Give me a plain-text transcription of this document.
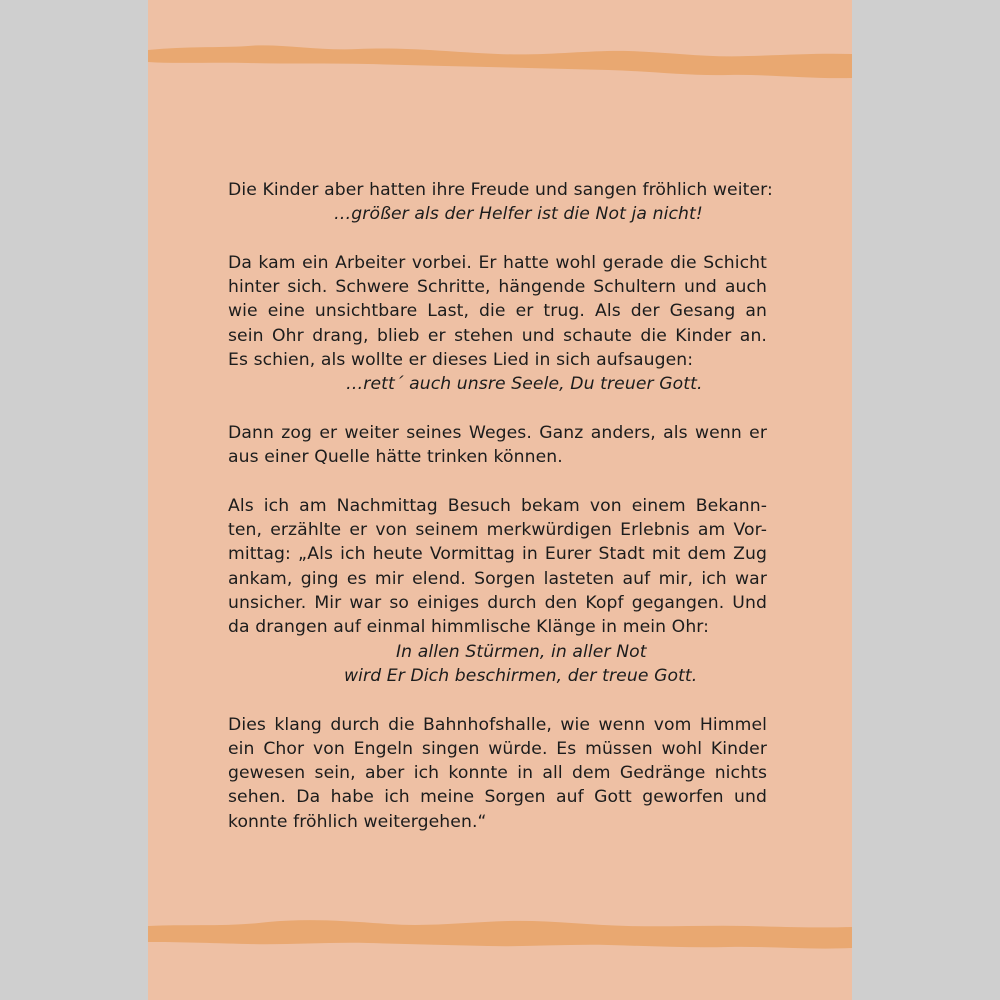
Die Kinder aber hatten ihre Freude und sangen fröhlich weiter:
…größer als der Helfer ist die Not ja nicht!
Da kam ein Arbeiter vorbei. Er hatte wohl gerade die Schicht
hinter sich. Schwere Schritte, hängende Schultern und auch
wie eine unsichtbare Last, die er trug. Als der Gesang an
sein Ohr drang, blieb er stehen und schaute die Kinder an.
Es schien, als wollte er dieses Lied in sich aufsaugen:
…rett´ auch unsre Seele, Du treuer Gott.
Dann zog er weiter seines Weges. Ganz anders, als wenn er
aus einer Quelle hätte trinken können.
Als ich am Nachmittag Besuch bekam von einem Bekann-
ten, erzählte er von seinem merkwürdigen Erlebnis am Vor-
mittag: „Als ich heute Vormittag in Eurer Stadt mit dem Zug
ankam, ging es mir elend. Sorgen lasteten auf mir, ich war
unsicher. Mir war so einiges durch den Kopf gegangen. Und
da drangen auf einmal himmlische Klänge in mein Ohr:
In allen Stürmen, in aller Not
wird Er Dich beschirmen, der treue Gott.
Dies klang durch die Bahnhofshalle, wie wenn vom Himmel
ein Chor von Engeln singen würde. Es müssen wohl Kinder
gewesen sein, aber ich konnte in all dem Gedränge nichts
sehen. Da habe ich meine Sorgen auf Gott geworfen und
konnte fröhlich weitergehen.“
